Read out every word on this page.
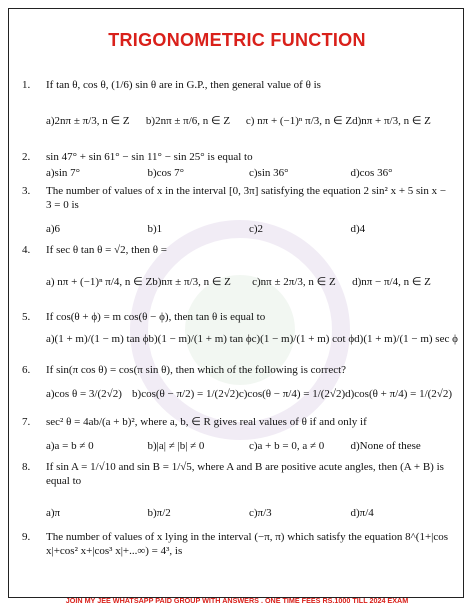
TRIGONOMETRIC FUNCTION
1.	If tan θ, cos θ, (1/6) sin θ are in G.P., then general value of θ is
a)2nπ ± π/3, n ∈ Z	b)2nπ ± π/6, n ∈ Z	c) nπ + (−1)ⁿ π/3, n ∈ Z d)nπ + π/3, n ∈ Z
2.	sin 47° + sin 61° − sin 11° − sin 25° is equal to
a)sin 7°	b)cos 7°	c)sin 36°	d)cos 36°
3.	The number of values of x in the interval [0, 3π] satisfying the equation 2 sin² x + 5 sin x − 3 = 0 is
a)6	b)1	c)2	d)4
4.	If sec θ tan θ = √2, then θ =
a) nπ + (−1)ⁿ π/4, n ∈ Z b)nπ ± π/3, n ∈ Z	c)nπ ± 2π/3, n ∈ Z	d)nπ − π/4, n ∈ Z
5.	If cos(θ + ϕ) = m cos(θ − ϕ), then tan θ is equal to
a)(1 + m)/(1 − m) tan ϕ b)(1 − m)/(1 + m) tan ϕ c)(1 − m)/(1 + m) cot ϕ d)(1 + m)/(1 − m) sec ϕ
6.	If sin(π cos θ) = cos(π sin θ), then which of the following is correct?
a)cos θ = 3/(2√2) b)cos(θ − π/2) = 1/(2√2) c)cos(θ − π/4) = 1/(2√2) d)cos(θ + π/4) = 1/(2√2)
7.	sec² θ = 4ab/(a + b)², where a, b, ∈ R gives real values of θ if and only if
a)a = b ≠ 0	b)|a| ≠ |b| ≠ 0	c)a + b = 0, a ≠ 0	d)None of these
8.	If sin A = 1/√10 and sin B = 1/√5, where A and B are positive acute angles, then (A + B) is equal to
a)π	b)π/2	c)π/3	d)π/4
9.	The number of values of x lying in the interval (−π, π) which satisfy the equation 8^(1+|cos x|+cos² x+|cos³ x|+...∞) = 4³, is
JOIN MY JEE WHATSAPP PAID GROUP WITH ANSWERS . ONE TIME FEES RS.1000 TILL 2024 EXAM
